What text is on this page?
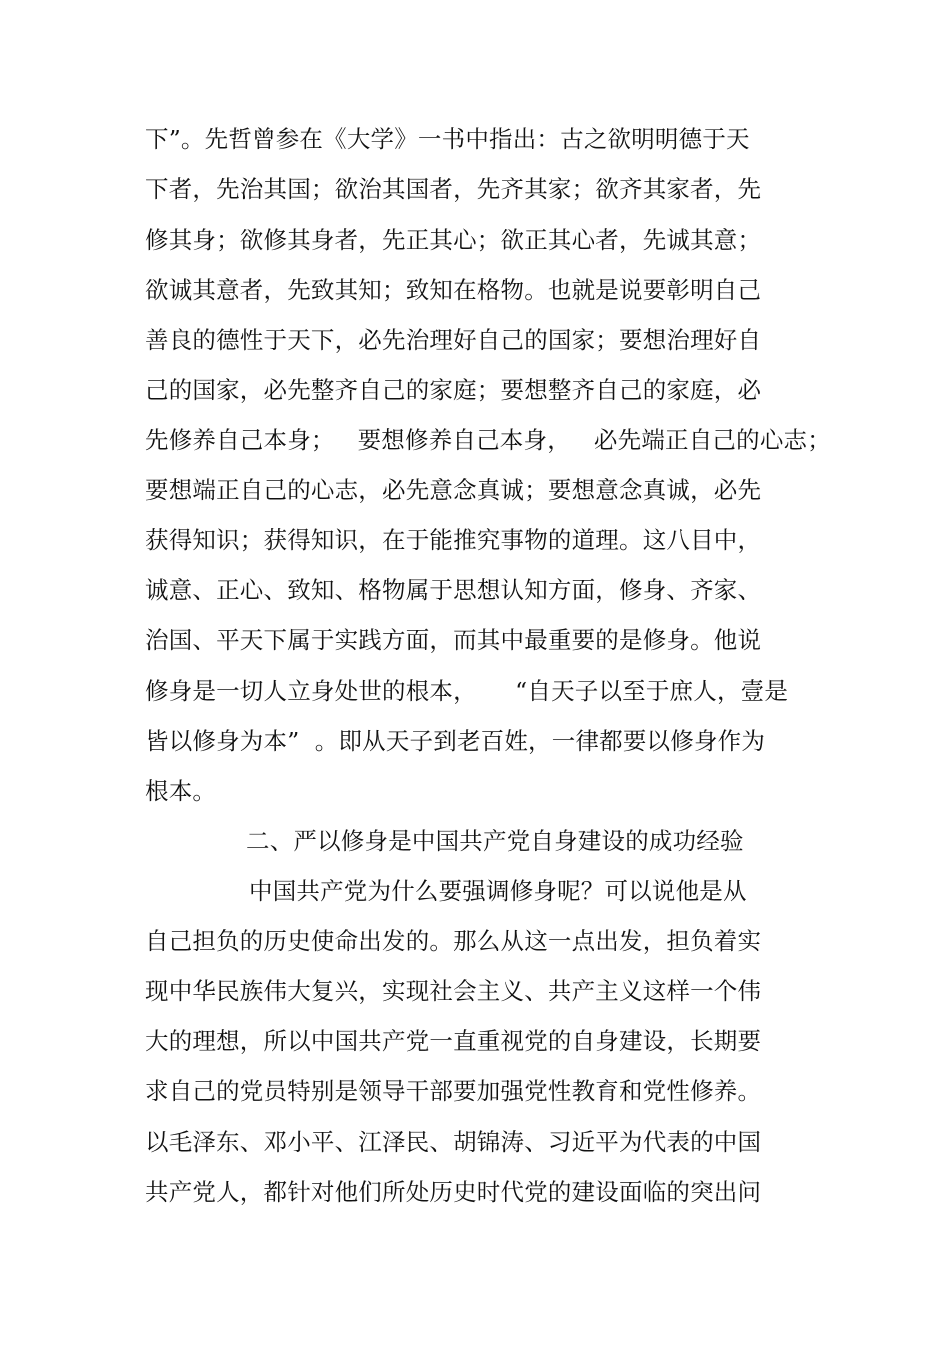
下”。先哲曾参在《大学》一书中指出：古之欲明明德于天
下者，先治其国；欲治其国者，先齐其家；欲齐其家者，先
修其身；欲修其身者，先正其心；欲正其心者，先诚其意；
欲诚其意者，先致其知；致知在格物。也就是说要彰明自己
善良的德性于天下，必先治理好自己的国家；要想治理好自
己的国家，必先整齐自己的家庭；要想整齐自己的家庭，必
先修养自己本身；   要想修养自己本身，   必先端正自己的心志；
要想端正自己的心志，必先意念真诚；要想意念真诚，必先
获得知识；获得知识，在于能推究事物的道理。这八目中，
诚意、正心、致知、格物属于思想认知方面，修身、齐家、
治国、平天下属于实践方面，而其中最重要的是修身。他说
修身是一切人立身处世的根本，     “自天子以至于庶人，壹是
皆以修身为本”  。即从天子到老百姓，一律都要以修身作为
根本。
二、严以修身是中国共产党自身建设的成功经验
中国共产党为什么要强调修身呢？可以说他是从
自己担负的历史使命出发的。那么从这一点出发，担负着实
现中华民族伟大复兴，实现社会主义、共产主义这样一个伟
大的理想，所以中国共产党一直重视党的自身建设，长期要
求自己的党员特别是领导干部要加强党性教育和党性修养。
以毛泽东、邓小平、江泽民、胡锦涛、习近平为代表的中国
共产党人，都针对他们所处历史时代党的建设面临的突出问
